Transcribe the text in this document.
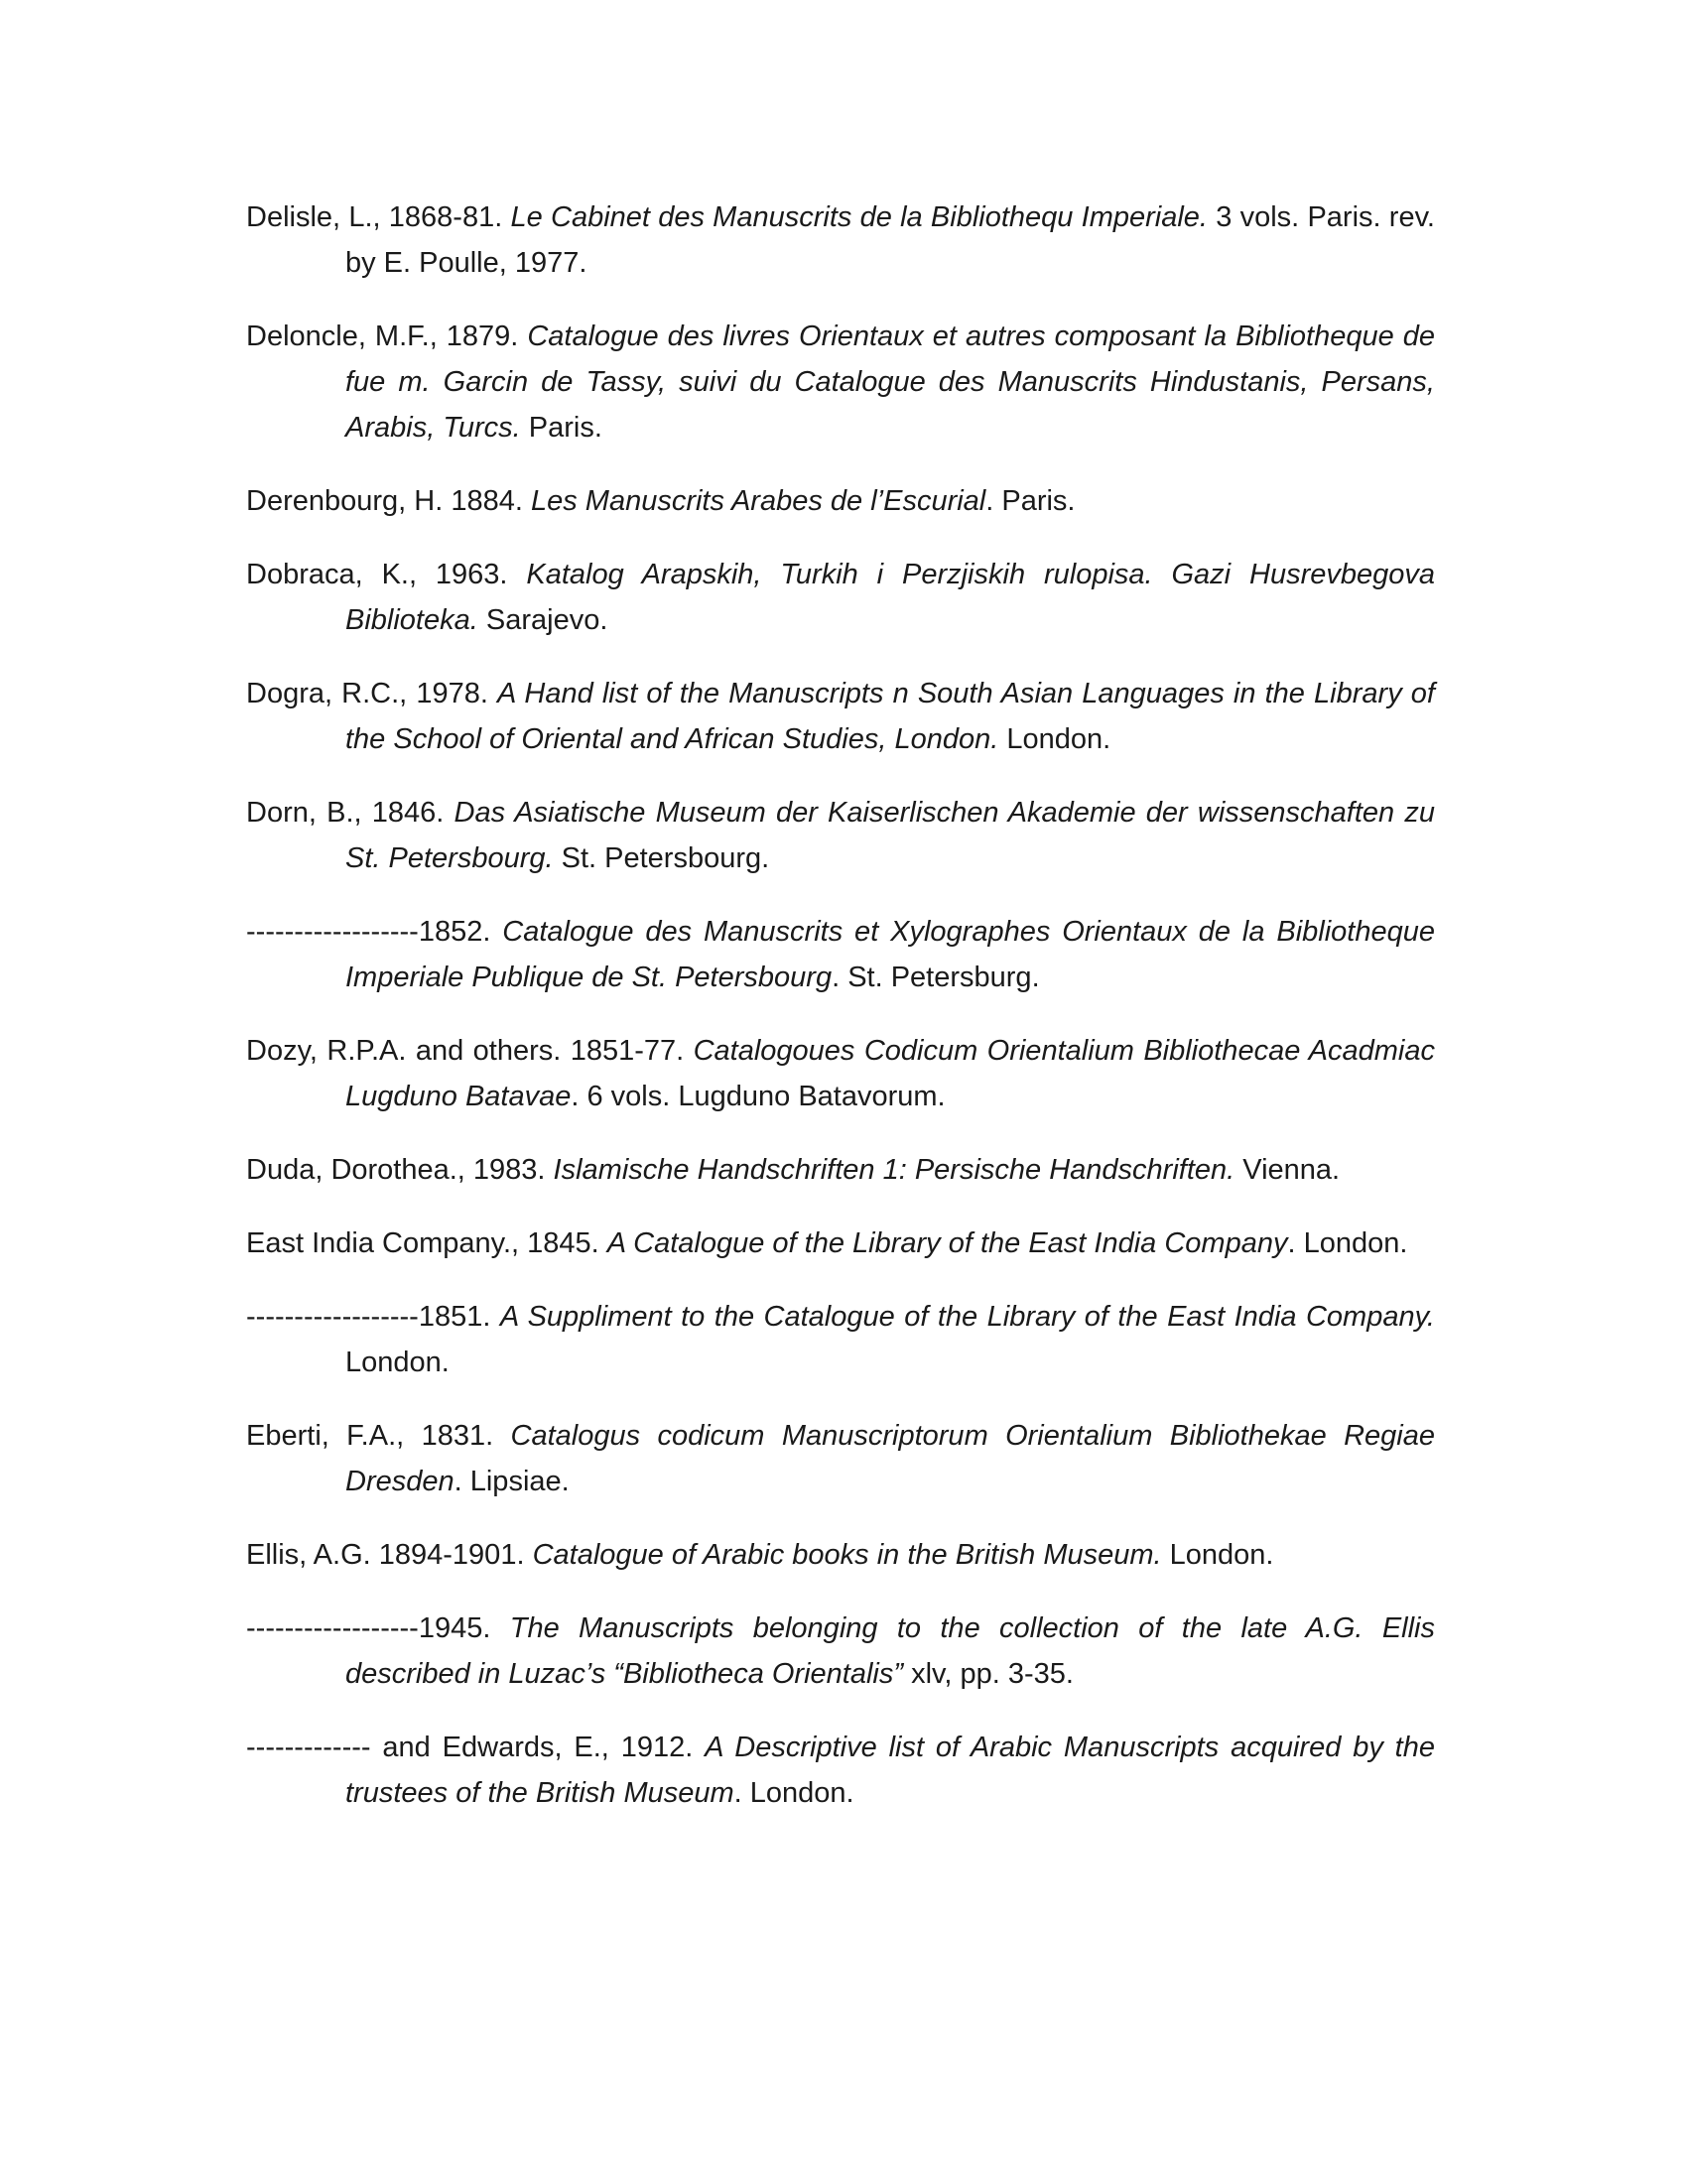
Delisle, L., 1868-81. Le Cabinet des Manuscrits de la Bibliothequ Imperiale. 3 vols. Paris. rev. by E. Poulle, 1977.
Deloncle, M.F., 1879. Catalogue des livres Orientaux et autres composant la Bibliotheque de fue m. Garcin de Tassy, suivi du Catalogue des Manuscrits Hindustanis, Persans, Arabis, Turcs. Paris.
Derenbourg, H. 1884. Les Manuscrits Arabes de l’Escurial. Paris.
Dobraca, K., 1963. Katalog Arapskih, Turkih i Perzjiskih rulopisa. Gazi Husrevbegova Biblioteka. Sarajevo.
Dogra, R.C., 1978. A Hand list of the Manuscripts n South Asian Languages in the Library of the School of Oriental and African Studies, London. London.
Dorn, B., 1846. Das Asiatische Museum der Kaiserlischen Akademie der wissenschaften zu St. Petersbourg. St. Petersbourg.
------------------1852. Catalogue des Manuscrits et Xylographes Orientaux de la Bibliotheque Imperiale Publique de St. Petersbourg. St. Petersburg.
Dozy, R.P.A. and others. 1851-77. Catalogoues Codicum Orientalium Bibliothecae Acadmiac Lugduno Batavae. 6 vols. Lugduno Batavorum.
Duda, Dorothea., 1983. Islamische Handschriften 1: Persische Handschriften. Vienna.
East India Company., 1845. A Catalogue of the Library of the East India Company. London.
------------------1851. A Suppliment to the Catalogue of the Library of the East India Company. London.
Eberti, F.A., 1831. Catalogus codicum Manuscriptorum Orientalium Bibliothekae Regiae Dresden. Lipsiae.
Ellis, A.G. 1894-1901. Catalogue of Arabic books in the British Museum. London.
------------------1945. The Manuscripts belonging to the collection of the late A.G. Ellis described in Luzac’s “Bibliotheca Orientalis” xlv, pp. 3-35.
------------- and Edwards, E., 1912. A Descriptive list of Arabic Manuscripts acquired by the trustees of the British Museum. London.
